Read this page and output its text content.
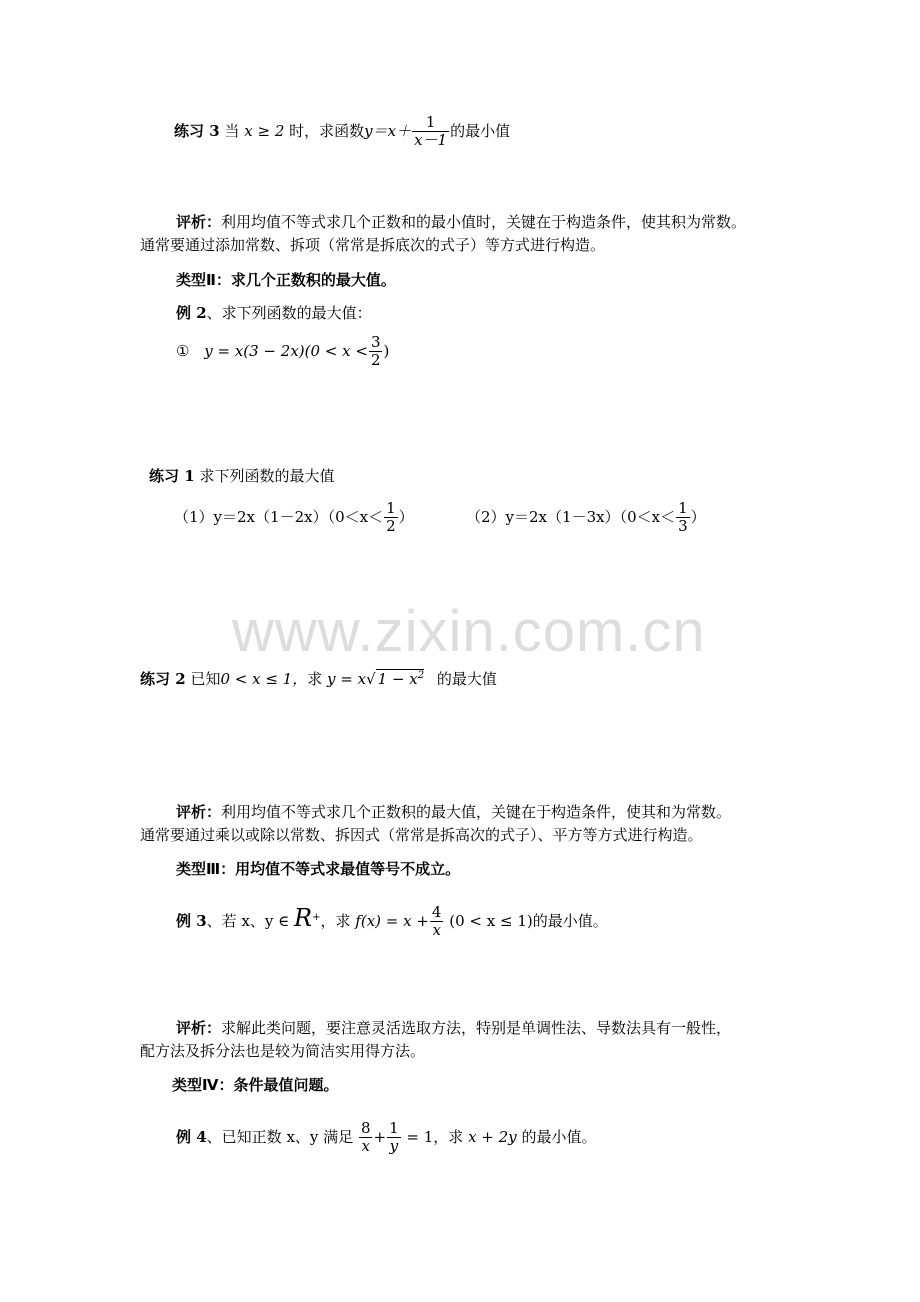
练习 3 当 x ≥ 2 时，求函数$y=x+ \frac{1}{x-1}$ 的最小值
评析：利用均值不等式求几个正数和的最小值时，关键在于构造条件，使其积为常数。
通常要通过添加常数、拆项（常常是拆底次的式子）等方式进行构造。
类型Ⅱ：求几个正数积的最大值。
例 2、求下列函数的最大值：
① $y = x(3 - 2x)(0 < x < \frac{3}{2}$ )
练习 1 求下列函数的最大值
$(1)y=2x(1-2x)(0<x< \frac{1}{2}$ ）	$(2)y=2x(1-3x)(0<x< \frac{1}{3}$ ）
www.zixin.com.cn
练习 2 已知0 < x ≤ 1，求 y = x√ $1 - x^2$ 的最大值
评析：利用均值不等式求几个正数积的最大值，关键在于构造条件，使其和为常数。
通常要通过乘以或除以常数、拆因式（常常是拆高次的式子）、平方等方式进行构造。
类型Ⅲ：用均值不等式求最值等号不成立。
例 3、若 x、y ∈ R+，求 $f(x) = x + \frac{4}{x} (0 < x \le 1)$的最小值。
评析：求解此类问题，要注意灵活选取方法，特别是单调性法、导数法具有一般性，
配方法及拆分法也是较为简洁实用得方法。
类型Ⅳ：条件最值问题。
例 4、已知正数 x、y 满足 $\frac{8}{x} + \frac{1}{y} = 1$，求 x + 2y 的最小值。
